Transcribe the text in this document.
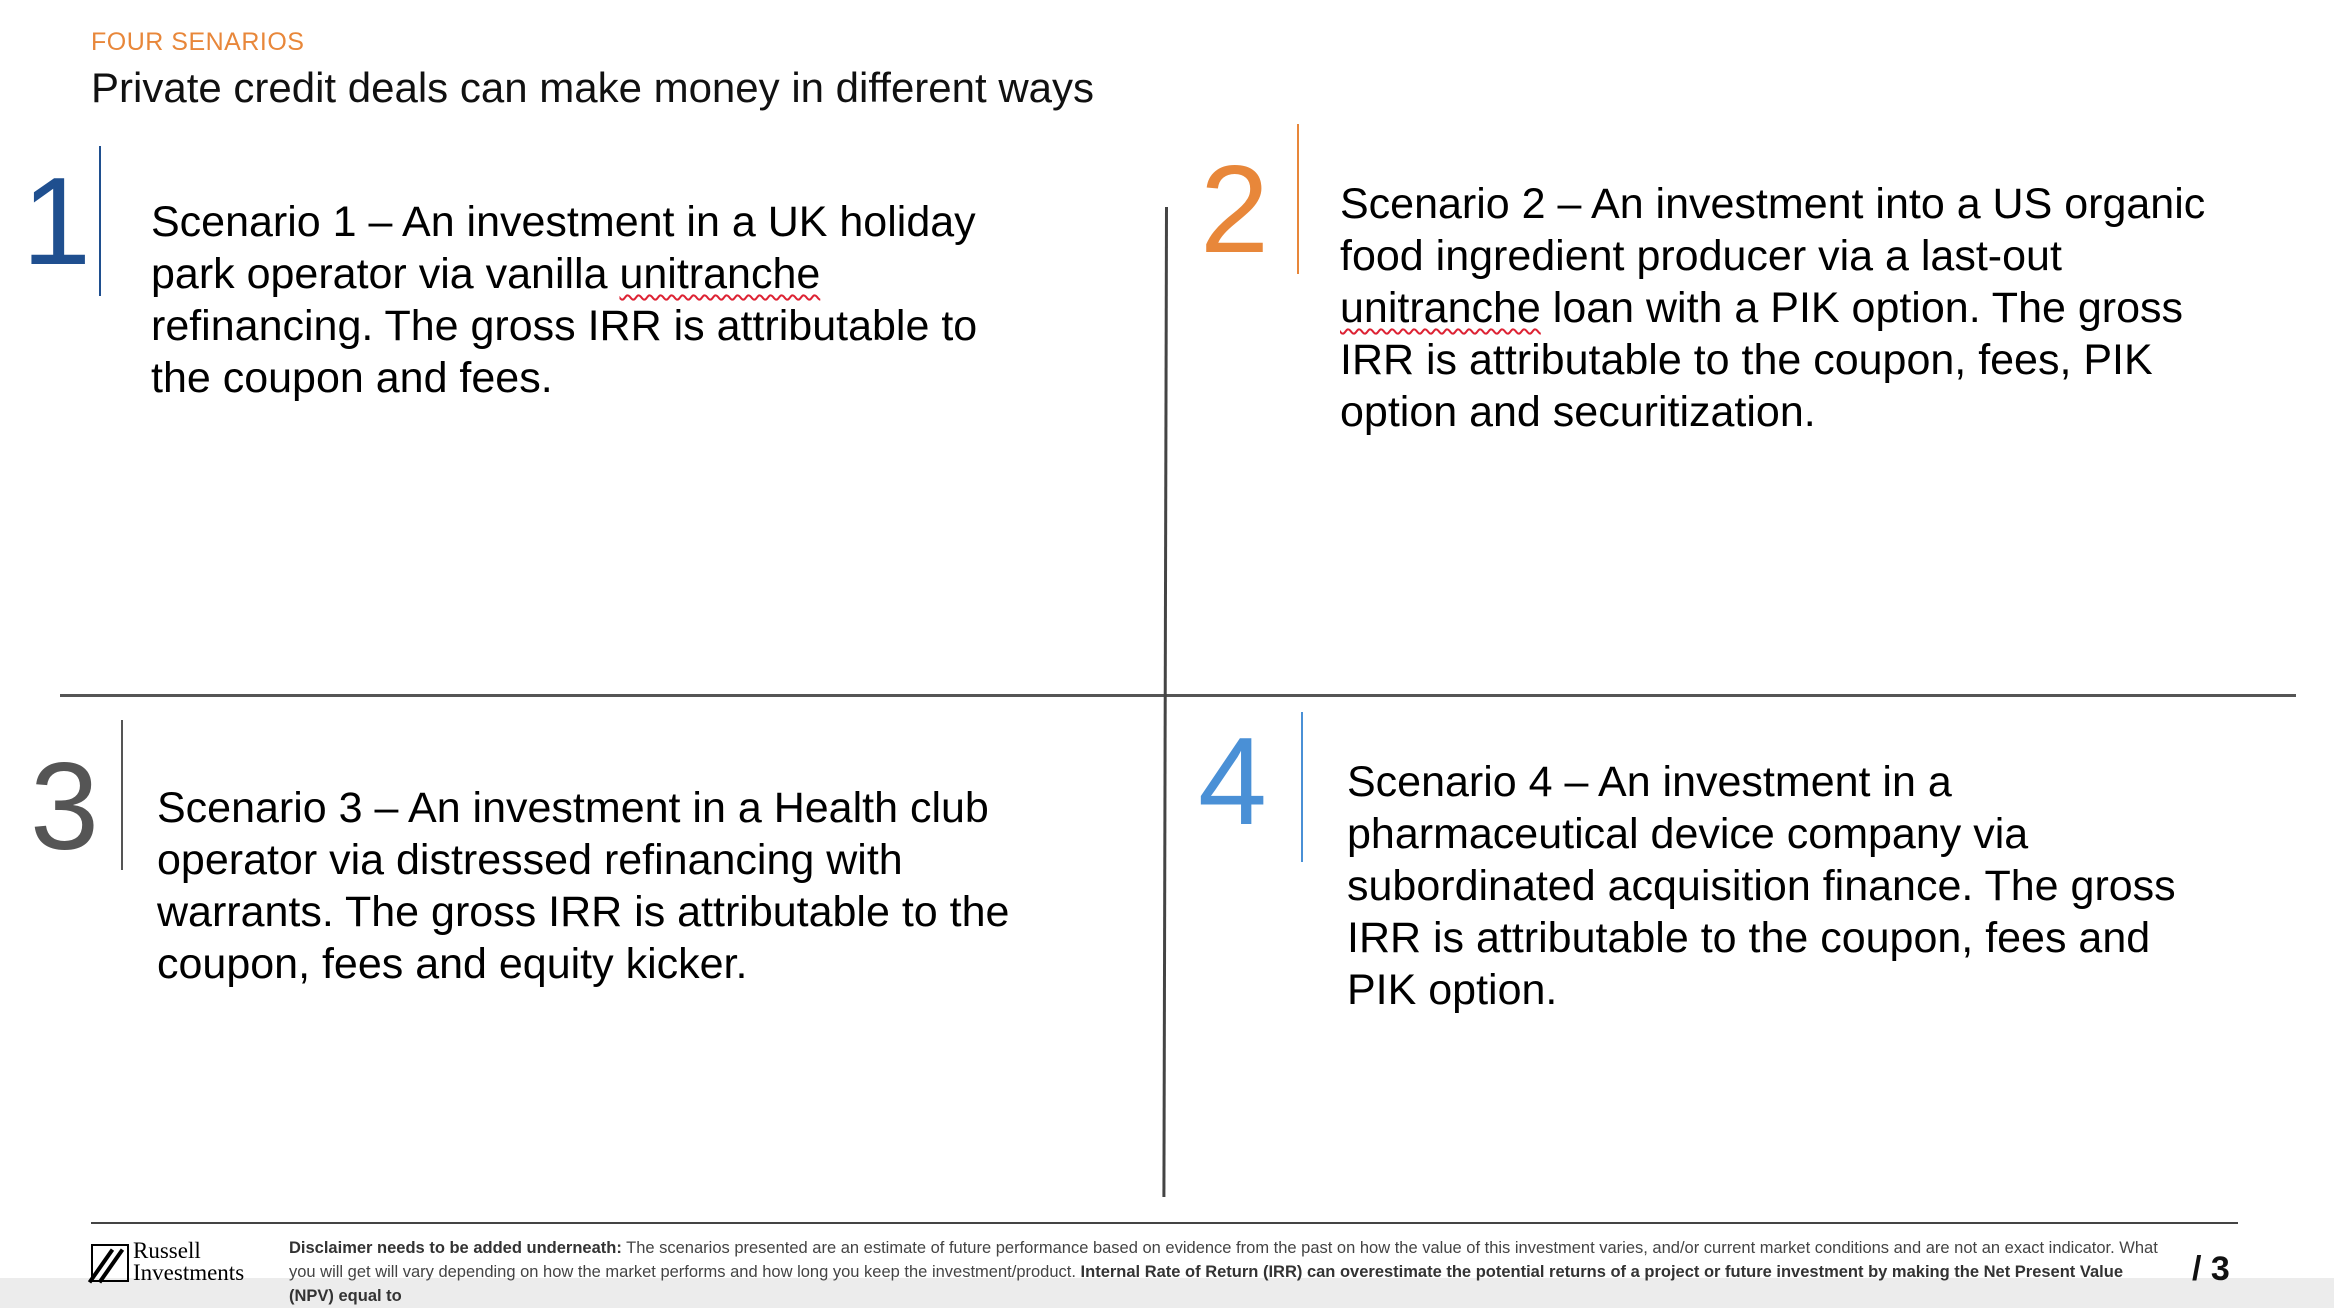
FOUR SENARIOS
Private credit deals can make money in different ways
1 Scenario 1 – An investment in a UK holiday park operator via vanilla unitranche refinancing. The gross IRR is attributable to the coupon and fees.
2 Scenario 2 – An investment into a US organic food ingredient producer via a last-out unitranche loan with a PIK option. The gross IRR is attributable to the coupon, fees, PIK option and securitization.
3 Scenario 3 – An investment in a Health club operator via distressed refinancing with warrants. The gross IRR is attributable to the coupon, fees and equity kicker.
4 Scenario 4 – An investment in a pharmaceutical device company via subordinated acquisition finance. The gross IRR is attributable to the coupon, fees and PIK option.
Russell
Investments
Disclaimer needs to be added underneath: The scenarios presented are an estimate of future performance based on evidence from the past on how the value of this investment varies, and/or current market conditions and are not an exact indicator. What you will get will vary depending on how the market performs and how long you keep the investment/product. Internal Rate of Return (IRR) can overestimate the potential returns of a project or future investment by making the Net Present Value (NPV) equal to
/ 3
